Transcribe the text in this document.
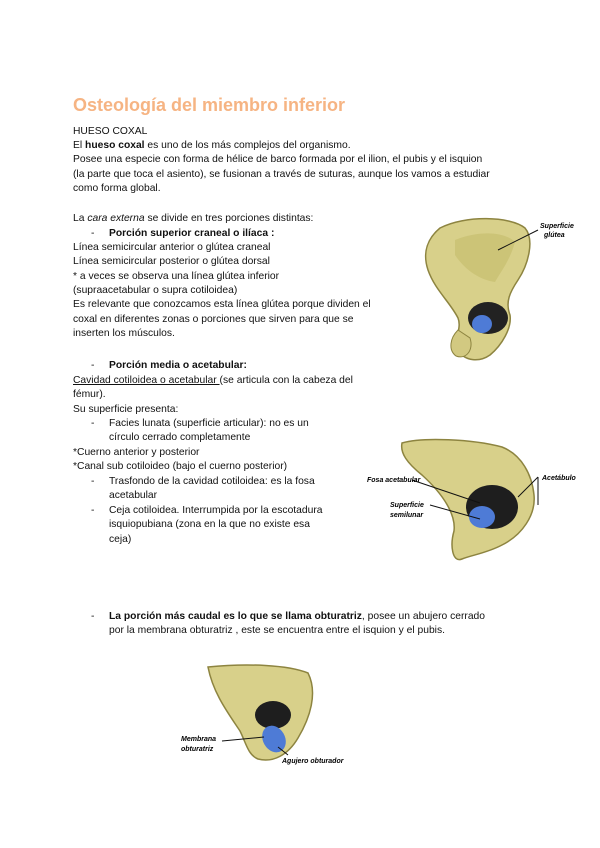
Osteología del miembro inferior
HUESO COXAL
El hueso coxal es uno de los más complejos del organismo.
Posee una especie con forma de hélice de barco formada por el ilion, el pubis y el isquion
(la parte que toca el asiento), se fusionan a través de suturas, aunque los vamos a estudiar
como forma global.
La cara externa se divide en tres porciones distintas:
- Porción superior craneal o ilíaca :
Línea semicircular anterior o glútea craneal
Línea semicircular posterior o glútea dorsal
* a veces se observa una línea glútea inferior
(supraacetabular o supra cotiloidea)
Es relevante que conozcamos esta línea glútea porque dividen el
coxal en diferentes zonas o porciones que sirven para que se
inserten los músculos.
- Porción media o acetabular:
Cavidad cotiloidea o acetabular (se articula con la cabeza del
fémur).
Su superficie presenta:
- Facies lunata (superficie articular): no es un
círculo cerrado completamente
*Cuerno anterior y posterior
*Canal sub cotiloideo (bajo el cuerno posterior)
- Trasfondo de la cavidad cotiloidea: es la fosa
acetabular
- Ceja cotiloidea. Interrumpida por la escotadura
isquiopubiana (zona en la que no existe esa
ceja)
- La porción más caudal es lo que se llama obturatriz, posee un abujero cerrado
por la membrana obturatriz , este se encuentra entre el isquion y el pubis.
Superficie
glútea
Fosa acetabular	Acetábulo
Superficie
semilunar
Membrana
obturatriz
Agujero obturador
